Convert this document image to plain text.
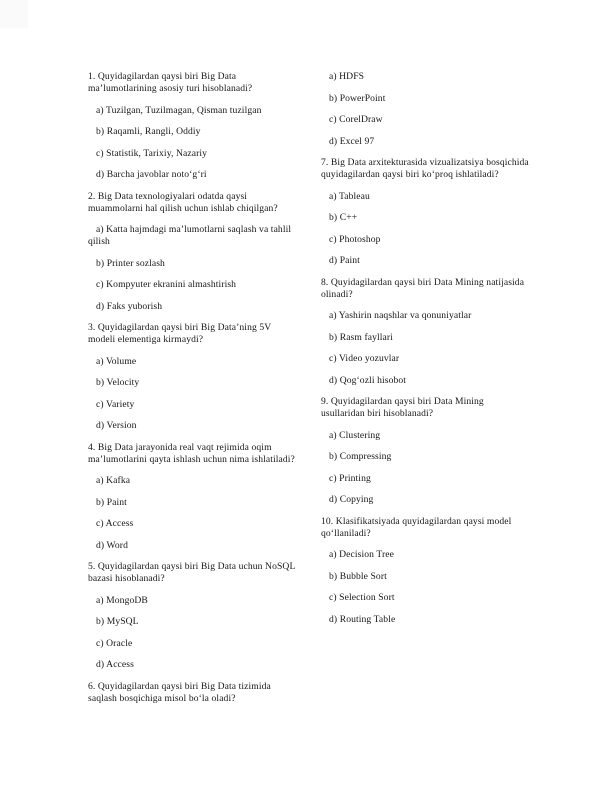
1. Quyidagilardan qaysi biri Big Data ma’lumotlarining asosiy turi hisoblanadi?

a) Tuzilgan, Tuzilmagan, Qisman tuzilgan

b) Raqamli, Rangli, Oddiy

c) Statistik, Tarixiy, Nazariy

d) Barcha javoblar noto‘g‘ri

2. Big Data texnologiyalari odatda qaysi muammolarni hal qilish uchun ishlab chiqilgan?

a) Katta hajmdagi ma’lumotlarni saqlash va tahlil qilish

b) Printer sozlash

c) Kompyuter ekranini almashtirish

d) Faks yuborish

3. Quyidagilardan qaysi biri Big Data’ning 5V modeli elementiga kirmaydi?

a) Volume

b) Velocity

c) Variety

d) Version

4. Big Data jarayonida real vaqt rejimida oqim ma’lumotlarini qayta ishlash uchun nima ishlatiladi?

a) Kafka

b) Paint

c) Access

d) Word

5. Quyidagilardan qaysi biri Big Data uchun NoSQL bazasi hisoblanadi?

a) MongoDB

b) MySQL

c) Oracle

d) Access

6. Quyidagilardan qaysi biri Big Data tizimida saqlash bosqichiga misol bo‘la oladi?

a) HDFS

b) PowerPoint

c) CorelDraw

d) Excel 97

7. Big Data arxitekturasida vizualizatsiya bosqichida quyidagilardan qaysi biri ko‘proq ishlatiladi?

a) Tableau

b) C++

c) Photoshop

d) Paint

8. Quyidagilardan qaysi biri Data Mining natijasida olinadi?

a) Yashirin naqshlar va qonuniyatlar

b) Rasm fayllari

c) Video yozuvlar

d) Qog‘ozli hisobot

9. Quyidagilardan qaysi biri Data Mining usullaridan biri hisoblanadi?

a) Clustering

b) Compressing

c) Printing

d) Copying

10. Klasifikatsiyada quyidagilardan qaysi model qo‘llaniladi?

a) Decision Tree

b) Bubble Sort

c) Selection Sort

d) Routing Table
